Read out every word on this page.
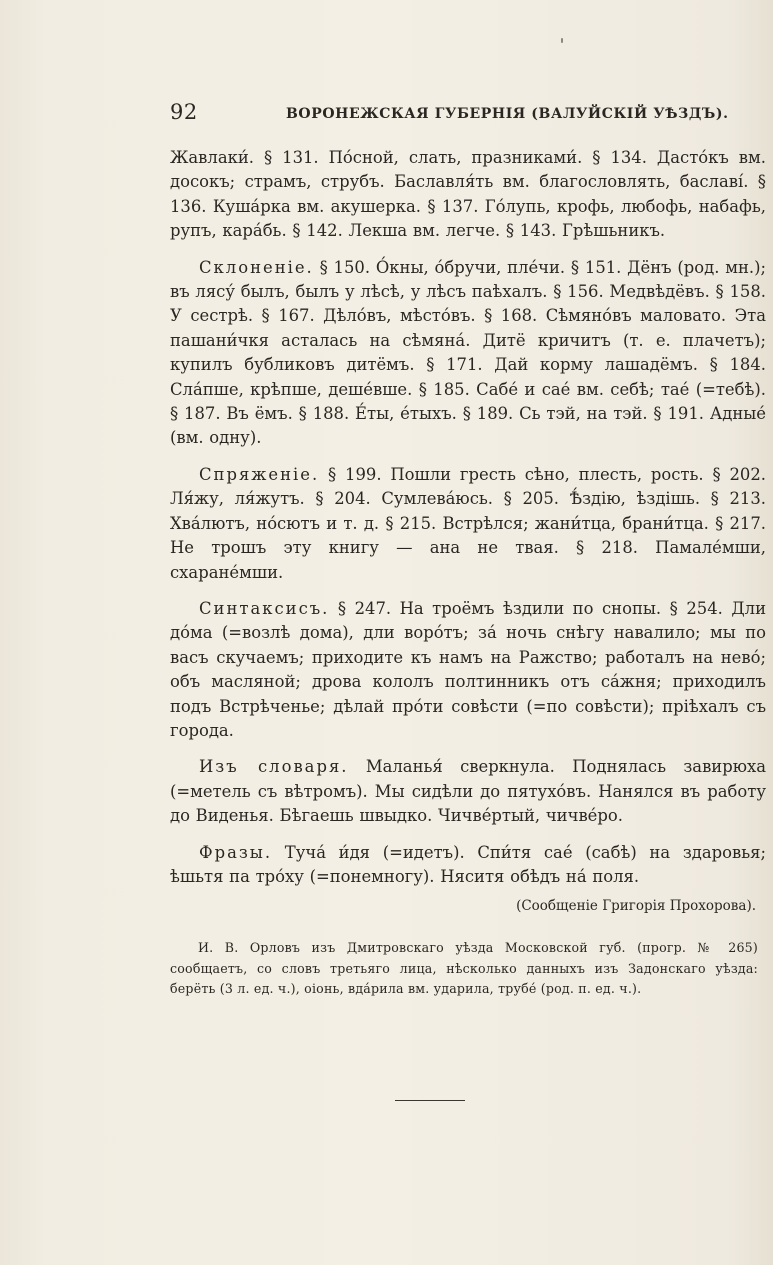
92	ВОРОНЕЖСКАЯ ГУБЕРНІЯ (ВАЛУЙСКІЙ УѢЗДЪ).

Жавлаки́. § 131. По́сной, слать, празниками́. § 134. Дасто́къ вм. досокъ; страмъ, струбъ. Баславля́ть вм. благословлять, баславі́. § 136. Куша́рка вм. акушерка. § 137. Го́лупь, крофь, любофь, набафь, рупъ, кара́бь. § 142. Лекша вм. легче. § 143. Грѣшьникъ.

Склоненіе. § 150. О́кны, о́бручи, пле́чи. § 151. Дёнъ (род. мн.); въ лясу́ былъ, былъ у лѣсѣ, у лѣсъ паѣхалъ. § 156. Медвѣдёвъ. § 158. У сестрѣ. § 167. Дѣло́въ, мѣсто́въ. § 168. Сѣмяно́въ маловато. Эта пашани́чкя асталась на сѣмяна́. Дитё кричитъ (т. е. плачетъ); купилъ бубликовъ дитёмъ. § 171. Дай корму лашадёмъ. § 184. Сла́пше, крѣпше, деше́вше. § 185. Сабе́ и сае́ вм. себѣ; тае́ (=тебѣ). § 187. Въ ёмъ. § 188. Е́ты, е́тыхъ. § 189. Сь тэй, на тэй. § 191. Адные́ (вм. одну).

Спряженіе. § 199. Пошли гресть сѣно, плесть, рость. § 202. Ля́жу, ля́жутъ. § 204. Сумлева́юсь. § 205. Ѣ́здію, ѣздішь. § 213. Хва́лютъ, но́сютъ и т. д. § 215. Встрѣлся; жани́тца, брани́тца. § 217. Не трошъ эту книгу — ана не твая. § 218. Памале́мши, схаране́мши.

Синтаксисъ. § 247. На троёмъ ѣздили по снопы. § 254. Дли до́ма (=возлѣ дома), дли воро́тъ; за́ ночь снѣгу навалило; мы по васъ скучаемъ; приходите къ намъ на Ражство; работалъ на нево́; объ масляной; дрова кололъ полтинникъ отъ са́жня; приходилъ подъ Встрѣченье; дѣлай про́ти совѣсти (=по совѣсти); пріѣхалъ съ города.

Изъ словаря. Маланья́ сверкнула. Поднялась завирюха (=метель съ вѣтромъ). Мы сидѣли до пятухо́въ. Нанялся въ работу до Виденья. Бѣгаешь швыдко. Чичве́ртый, чичве́ро.

Фразы. Туча́ и́дя (=идетъ). Спи́тя сае́ (сабѣ) на здаровья; ѣшьтя па тро́ху (=понемногу). Няситя обѣдъ на́ поля.

(Сообщеніе Григорія Прохорова).

И. В. Орловъ изъ Дмитровскаго уѣзда Московской губ. (прогр. № 265) сообщаетъ, со словъ третьяго лица, нѣсколько данныхъ изъ Задонскаго уѣзда: берёть (3 л. ед. ч.), оiонь, вда́рила вм. ударила, трубе́ (род. п. ед. ч.).
